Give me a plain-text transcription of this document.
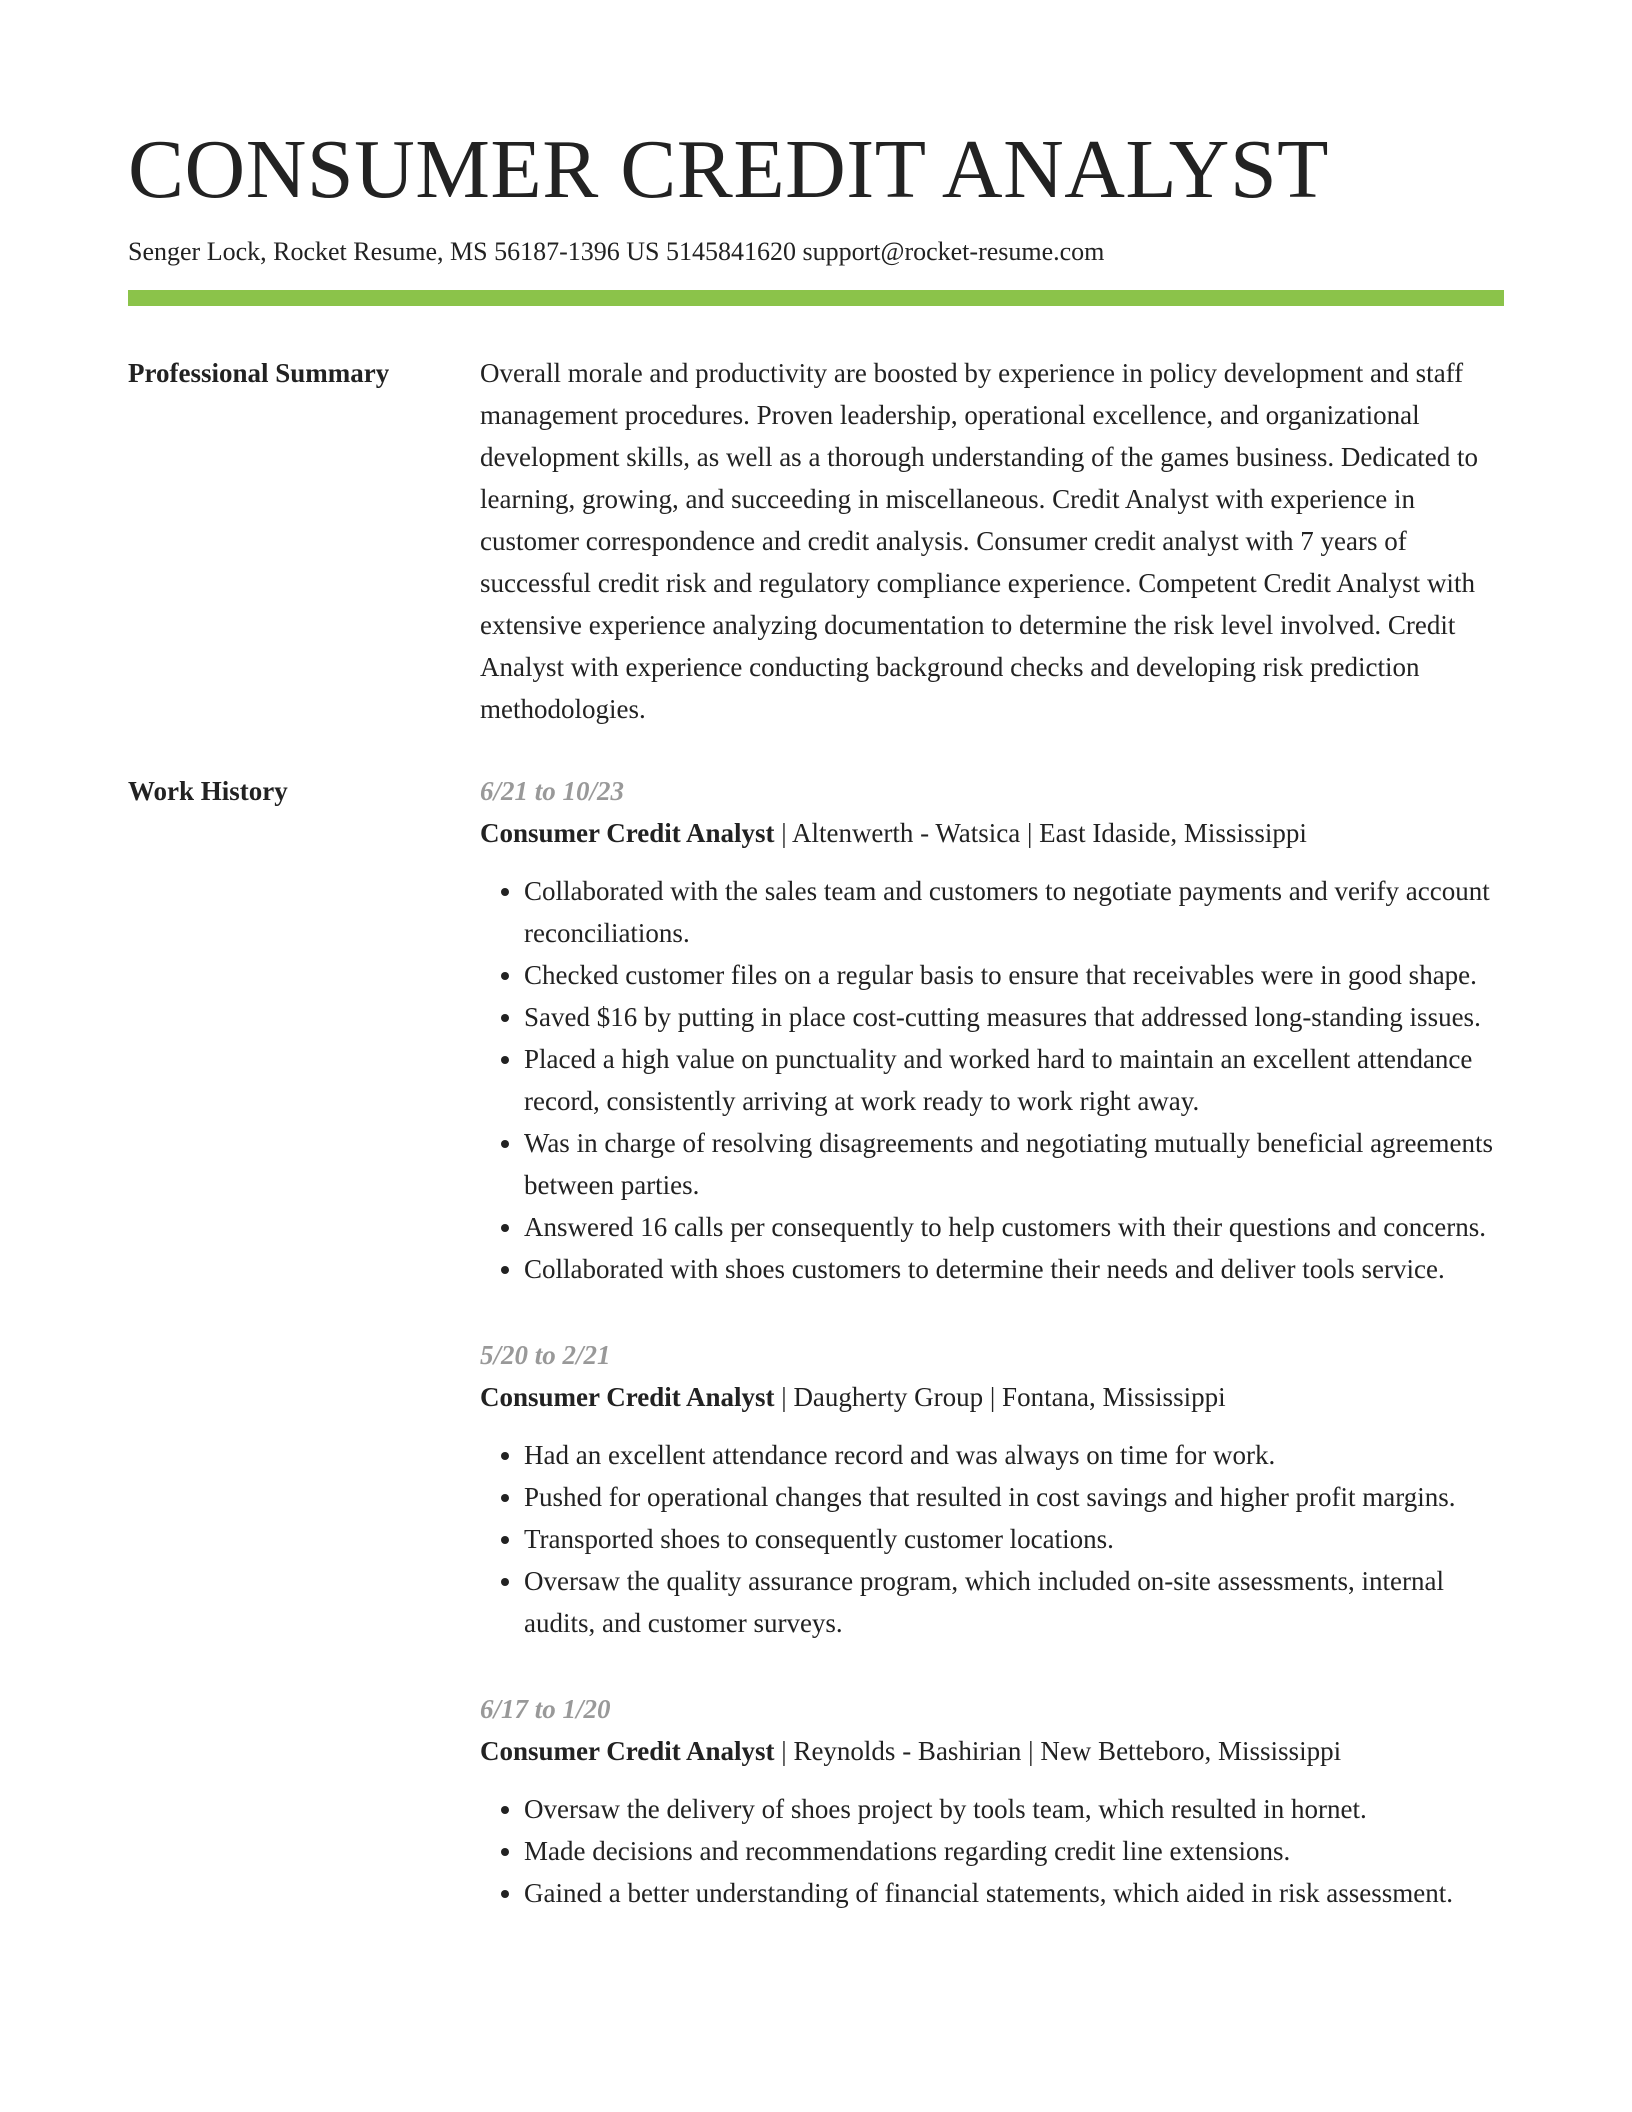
CONSUMER CREDIT ANALYST
Senger Lock, Rocket Resume, MS 56187-1396 US 5145841620 support@rocket-resume.com
Professional Summary	Overall morale and productivity are boosted by experience in policy development and staff management procedures. Proven leadership, operational excellence, and organizational development skills, as well as a thorough understanding of the games business. Dedicated to learning, growing, and succeeding in miscellaneous. Credit Analyst with experience in customer correspondence and credit analysis. Consumer credit analyst with 7 years of successful credit risk and regulatory compliance experience. Competent Credit Analyst with extensive experience analyzing documentation to determine the risk level involved. Credit Analyst with experience conducting background checks and developing risk prediction methodologies.

Work History	6/21 to 10/23
Consumer Credit Analyst | Altenwerth - Watsica | East Idaside, Mississippi
• Collaborated with the sales team and customers to negotiate payments and verify account reconciliations.
• Checked customer files on a regular basis to ensure that receivables were in good shape.
• Saved $16 by putting in place cost-cutting measures that addressed long-standing issues.
• Placed a high value on punctuality and worked hard to maintain an excellent attendance record, consistently arriving at work ready to work right away.
• Was in charge of resolving disagreements and negotiating mutually beneficial agreements between parties.
• Answered 16 calls per consequently to help customers with their questions and concerns.
• Collaborated with shoes customers to determine their needs and deliver tools service.
5/20 to 2/21
Consumer Credit Analyst | Daugherty Group | Fontana, Mississippi
• Had an excellent attendance record and was always on time for work.
• Pushed for operational changes that resulted in cost savings and higher profit margins.
• Transported shoes to consequently customer locations.
• Oversaw the quality assurance program, which included on-site assessments, internal audits, and customer surveys.
6/17 to 1/20
Consumer Credit Analyst | Reynolds - Bashirian | New Betteboro, Mississippi
• Oversaw the delivery of shoes project by tools team, which resulted in hornet.
• Made decisions and recommendations regarding credit line extensions.
• Gained a better understanding of financial statements, which aided in risk assessment.
